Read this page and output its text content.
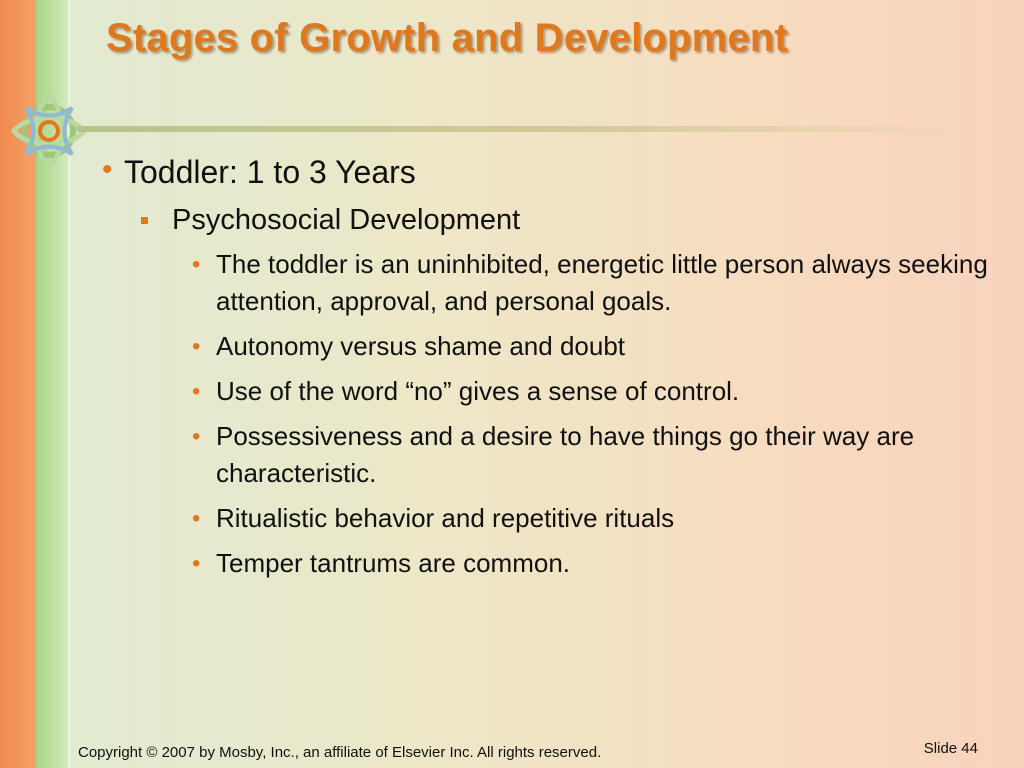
Stages of Growth and Development
• Toddler: 1 to 3 Years
Psychosocial Development
• The toddler is an uninhibited, energetic little person always seeking attention, approval, and personal goals.
• Autonomy versus shame and doubt
• Use of the word “no” gives a sense of control.
• Possessiveness and a desire to have things go their way are characteristic.
• Ritualistic behavior and repetitive rituals
• Temper tantrums are common.
Copyright © 2007 by Mosby, Inc., an affiliate of Elsevier Inc. All rights reserved.	Slide 44
